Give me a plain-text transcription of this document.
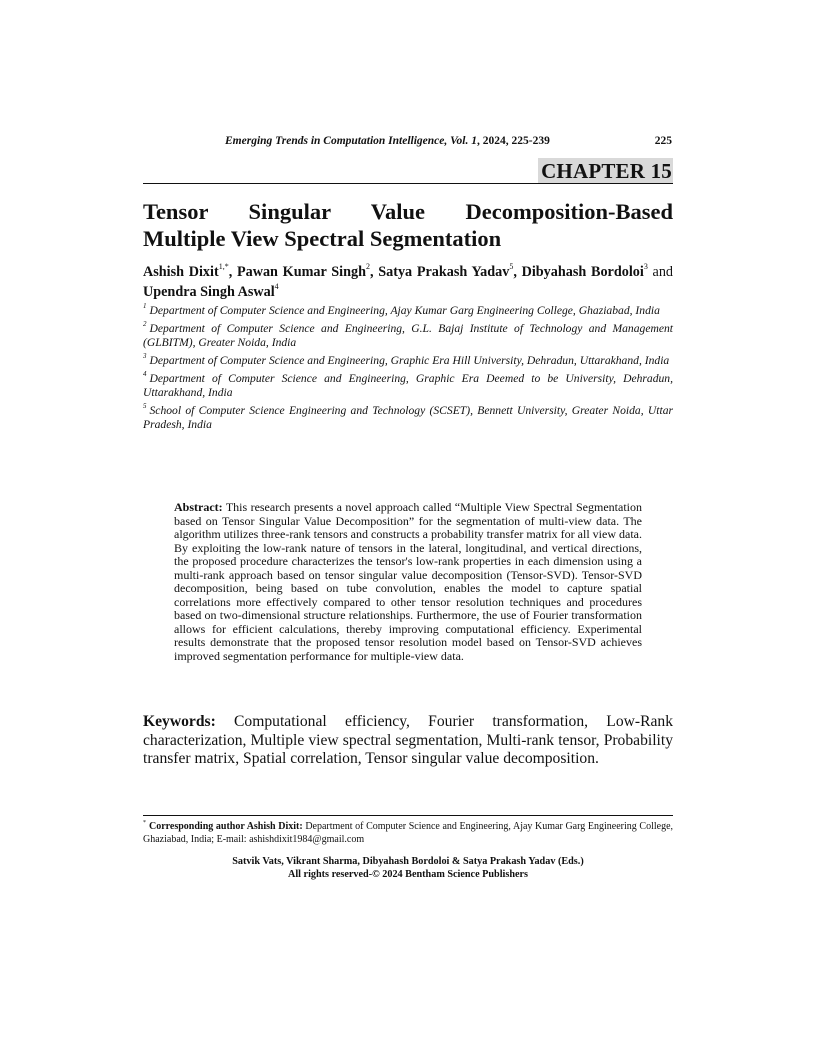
Emerging Trends in Computation Intelligence, Vol. 1, 2024, 225-239	225
CHAPTER 15
Tensor Singular Value Decomposition-Based
Multiple View Spectral Segmentation
Ashish Dixit$^{1,*}$, Pawan Kumar Singh$^2$, Satya Prakash Yadav$^5$, Dibyahash Bordoloi$^3$ and Upendra Singh Aswal$^4$
$^1$ Department of Computer Science and Engineering, Ajay Kumar Garg Engineering College, Ghaziabad, India
$^2$ Department of Computer Science and Engineering, G.L. Bajaj Institute of Technology and Management (GLBITM), Greater Noida, India
$^3$ Department of Computer Science and Engineering, Graphic Era Hill University, Dehradun, Uttarakhand, India
$^4$ Department of Computer Science and Engineering, Graphic Era Deemed to be University, Dehradun, Uttarakhand, India
$^5$ School of Computer Science Engineering and Technology (SCSET), Bennett University, Greater Noida, Uttar Pradesh, India
Abstract: This research presents a novel approach called “Multiple View Spectral Segmentation based on Tensor Singular Value Decomposition” for the segmentation of multi-view data. The algorithm utilizes three-rank tensors and constructs a probability transfer matrix for all view data. By exploiting the low-rank nature of tensors in the lateral, longitudinal, and vertical directions, the proposed procedure characterizes the tensor's low-rank properties in each dimension using a multi-rank approach based on tensor singular value decomposition (Tensor-SVD). Tensor-SVD decomposition, being based on tube convolution, enables the model to capture spatial correlations more effectively compared to other tensor resolution techniques and procedures based on two-dimensional structure relationships. Furthermore, the use of Fourier transformation allows for efficient calculations, thereby improving computational efficiency. Experimental results demonstrate that the proposed tensor resolution model based on Tensor-SVD achieves improved segmentation performance for multiple-view data.
Keywords: Computational efficiency, Fourier transformation, Low-Rank characterization, Multiple view spectral segmentation, Multi-rank tensor, Probability transfer matrix, Spatial correlation, Tensor singular value decomposition.
* Corresponding author Ashish Dixit: Department of Computer Science and Engineering, Ajay Kumar Garg Engineering College, Ghaziabad, India; E-mail: ashishdixit1984@gmail.com
Satvik Vats, Vikrant Sharma, Dibyahash Bordoloi & Satya Prakash Yadav (Eds.)
All rights reserved-© 2024 Bentham Science Publishers
